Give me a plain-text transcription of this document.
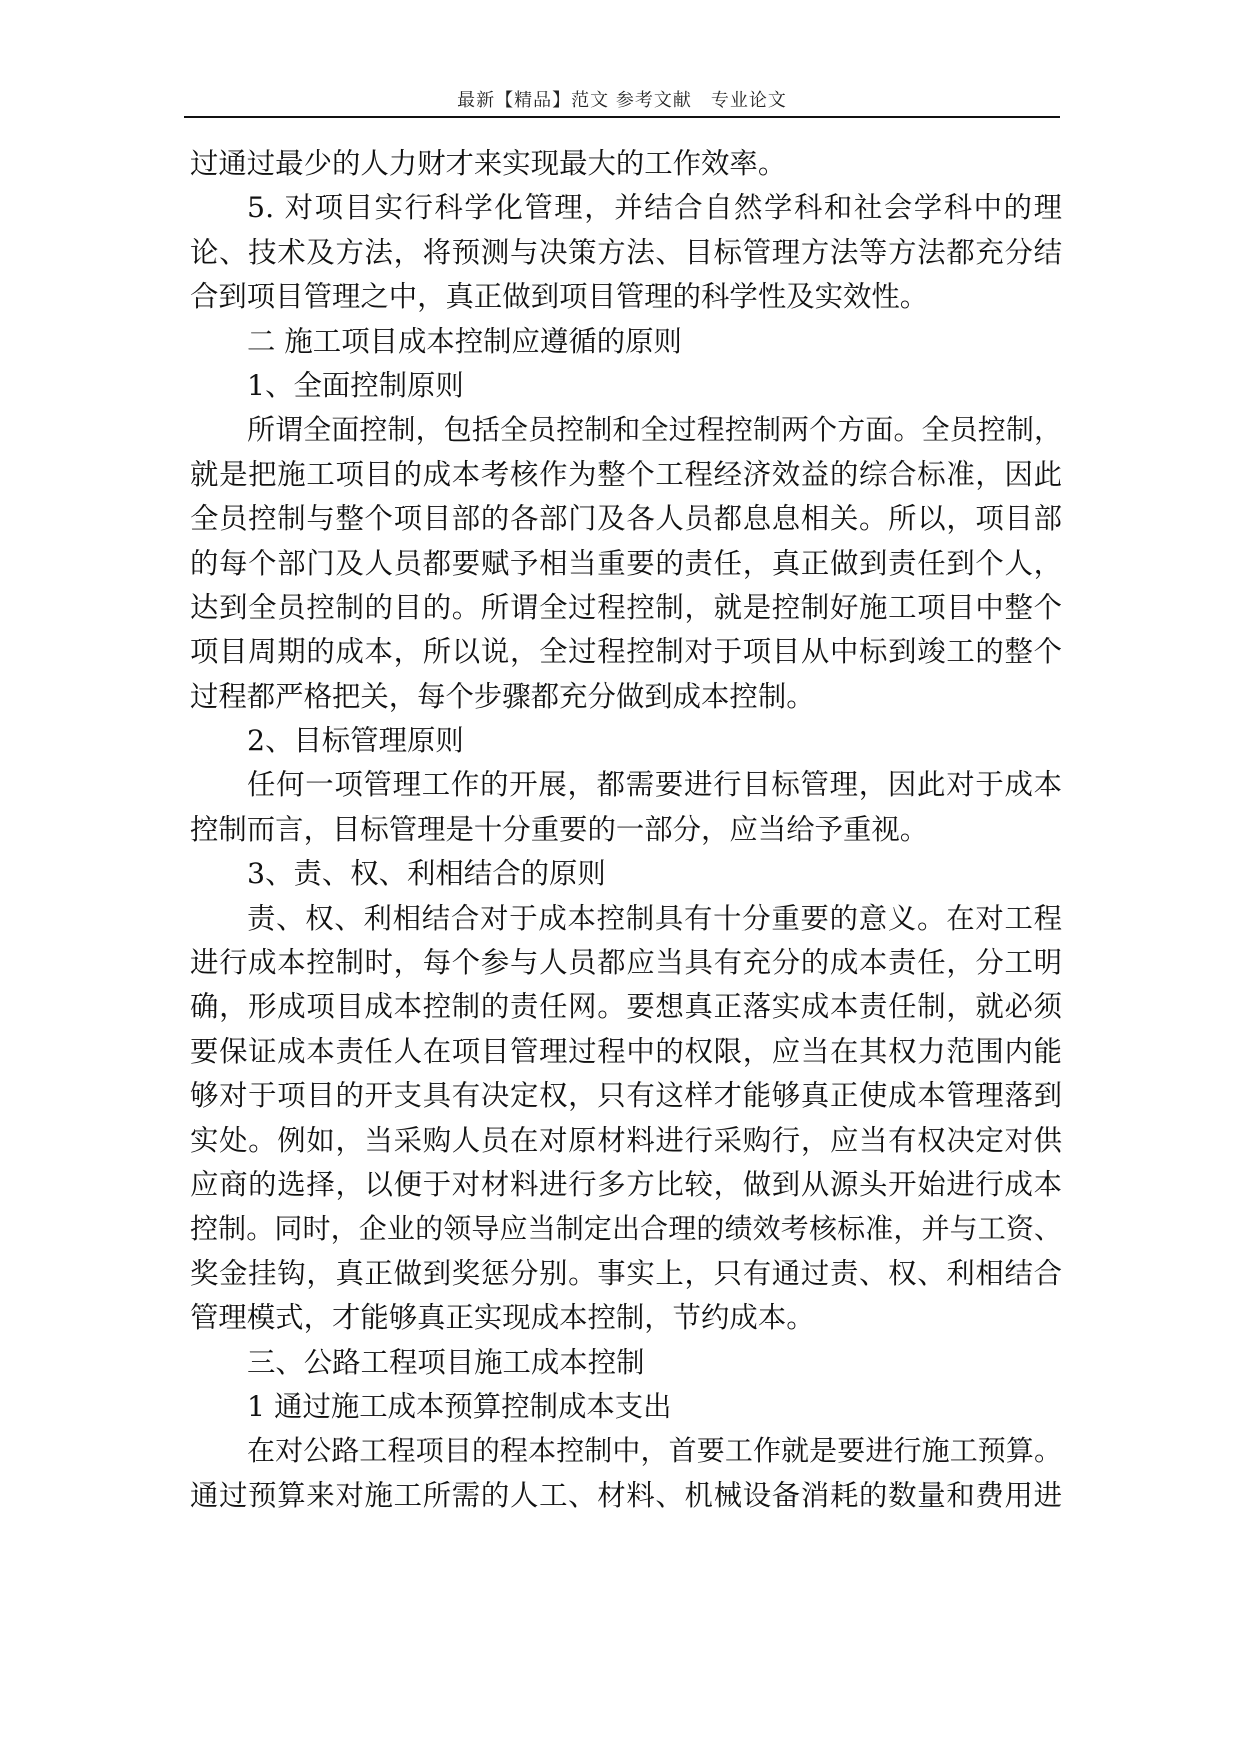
最新【精品】范文 参考文献　专业论文
过通过最少的人力财才来实现最大的工作效率。
5. 对项目实行科学化管理，并结合自然学科和社会学科中的理
论、技术及方法，将预测与决策方法、目标管理方法等方法都充分结
合到项目管理之中，真正做到项目管理的科学性及实效性。
二 施工项目成本控制应遵循的原则
1、全面控制原则
所谓全面控制，包括全员控制和全过程控制两个方面。全员控制，
就是把施工项目的成本考核作为整个工程经济效益的综合标准，因此
全员控制与整个项目部的各部门及各人员都息息相关。所以，项目部
的每个部门及人员都要赋予相当重要的责任，真正做到责任到个人，
达到全员控制的目的。所谓全过程控制，就是控制好施工项目中整个
项目周期的成本，所以说，全过程控制对于项目从中标到竣工的整个
过程都严格把关，每个步骤都充分做到成本控制。
2、目标管理原则
任何一项管理工作的开展，都需要进行目标管理，因此对于成本
控制而言，目标管理是十分重要的一部分，应当给予重视。
3、责、权、利相结合的原则
责、权、利相结合对于成本控制具有十分重要的意义。在对工程
进行成本控制时，每个参与人员都应当具有充分的成本责任，分工明
确，形成项目成本控制的责任网。要想真正落实成本责任制，就必须
要保证成本责任人在项目管理过程中的权限，应当在其权力范围内能
够对于项目的开支具有决定权，只有这样才能够真正使成本管理落到
实处。例如，当采购人员在对原材料进行采购行，应当有权决定对供
应商的选择，以便于对材料进行多方比较，做到从源头开始进行成本
控制。同时，企业的领导应当制定出合理的绩效考核标准，并与工资、
奖金挂钩，真正做到奖惩分别。事实上，只有通过责、权、利相结合
管理模式，才能够真正实现成本控制，节约成本。
三、公路工程项目施工成本控制
1 通过施工成本预算控制成本支出
在对公路工程项目的程本控制中，首要工作就是要进行施工预算。
通过预算来对施工所需的人工、材料、机械设备消耗的数量和费用进
